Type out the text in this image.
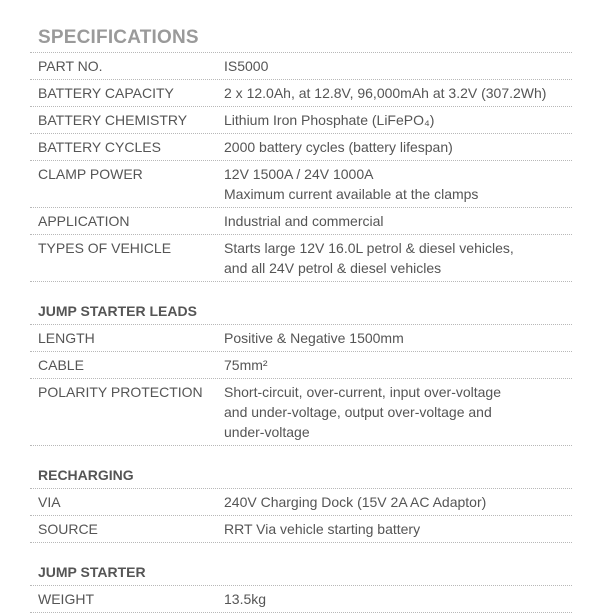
SPECIFICATIONS
PART NO.	IS5000
BATTERY CAPACITY	2 x 12.0Ah, at 12.8V, 96,000mAh at 3.2V (307.2Wh)
BATTERY CHEMISTRY	Lithium Iron Phosphate (LiFePO₄)
BATTERY CYCLES	2000 battery cycles (battery lifespan)
CLAMP POWER	12V 1500A / 24V 1000A
Maximum current available at the clamps
APPLICATION	Industrial and commercial
TYPES OF VEHICLE	Starts large 12V 16.0L petrol & diesel vehicles,
and all 24V petrol & diesel vehicles
JUMP STARTER LEADS
LENGTH	Positive & Negative 1500mm
CABLE	75mm²
POLARITY PROTECTION	Short-circuit, over-current, input over-voltage
and under-voltage, output over-voltage and
under-voltage
RECHARGING
VIA	240V Charging Dock (15V 2A AC Adaptor)
SOURCE	RRT Via vehicle starting battery
JUMP STARTER
WEIGHT	13.5kg
